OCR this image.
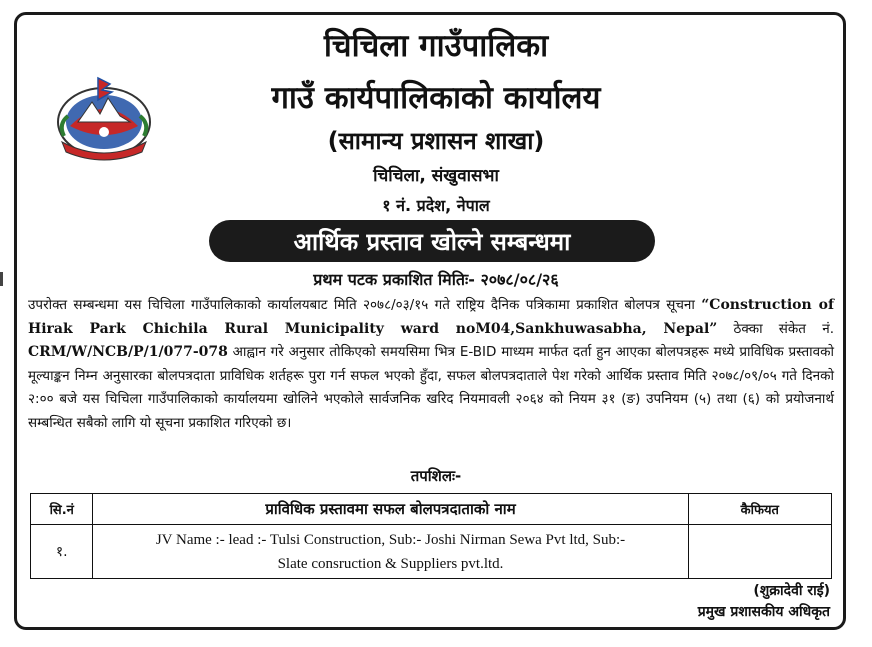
चिचिला गाउँपालिका
गाउँ कार्यपालिकाको कार्यालय
(सामान्य प्रशासन शाखा)
चिचिला, संखुवासभा
१ नं. प्रदेश, नेपाल
आर्थिक प्रस्ताव खोल्ने सम्बन्धमा
प्रथम पटक प्रकाशित मितिः- २०७८/०८/२६
उपरोक्त सम्बन्धमा यस चिचिला गाउँपालिकाको कार्यालयबाट मिति २०७८/०३/१५ गते राष्ट्रिय दैनिक पत्रिकामा प्रकाशित बोलपत्र सूचना “Construction of Hirak Park Chichila Rural Municipality ward noM04,Sankhuwasabha, Nepal” ठेक्का संकेत नं. CRM/W/NCB/P/1/077-078 आह्वान गरे अनुसार तोकिएको समयसिमा भित्र E-BID माध्यम मार्फत दर्ता हुन आएका बोलपत्रहरू मध्ये प्राविधिक प्रस्तावको मूल्याङ्कन निम्न अनुसारका बोलपत्रदाता प्राविधिक शर्तहरू पुरा गर्न सफल भएको हुँदा, सफल बोलपत्रदाताले पेश गरेको आर्थिक प्रस्ताव मिति २०७८/०९/०५ गते दिनको २:०० बजे यस चिचिला गाउँपालिकाको कार्यालयमा खोलिने भएकोले सार्वजनिक खरिद नियमावली २०६४ को नियम ३१ (ङ) उपनियम (५) तथा (६) को प्रयोजनार्थ सम्बन्धित सबैको लागि यो सूचना प्रकाशित गरिएको छ।
तपशिलः-
सि.नं	प्राविधिक प्रस्तावमा सफल बोलपत्रदाताको नाम	कैफियत
१.	JV Name :- lead :- Tulsi Construction, Sub:- Joshi Nirman Sewa Pvt ltd, Sub:-
Slate consruction & Suppliers pvt.ltd.	

(शुक्रादेवी राई)
प्रमुख प्रशासकीय अधिकृत
